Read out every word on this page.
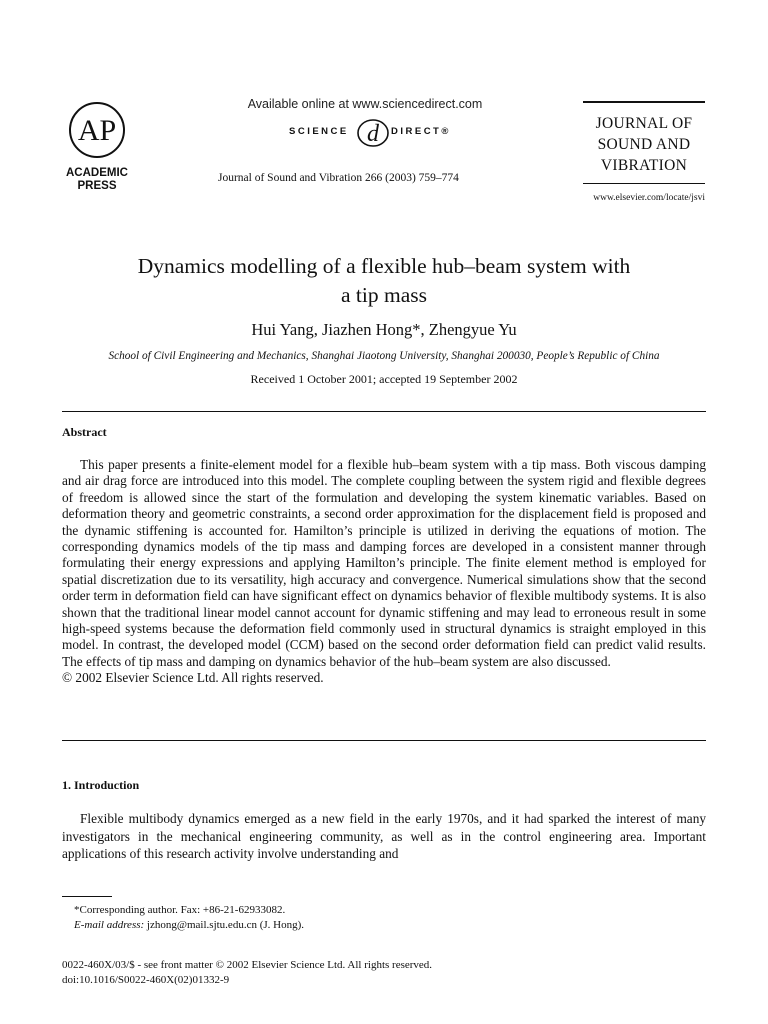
AP
ACADEMIC
PRESS
Available online at www.sciencedirect.com
SCIENCE d DIRECT®
Journal of Sound and Vibration 266 (2003) 759–774
JOURNAL OF
SOUND AND
VIBRATION
www.elsevier.com/locate/jsvi
Dynamics modelling of a flexible hub–beam system with
a tip mass
Hui Yang, Jiazhen Hong*, Zhengyue Yu
School of Civil Engineering and Mechanics, Shanghai Jiaotong University, Shanghai 200030, People’s Republic of China
Received 1 October 2001; accepted 19 September 2002
Abstract

This paper presents a finite-element model for a flexible hub–beam system with a tip mass. Both viscous damping and air drag force are introduced into this model. The complete coupling between the system rigid and flexible degrees of freedom is allowed since the start of the formulation and developing the system kinematic variables. Based on deformation theory and geometric constraints, a second order approximation for the displacement field is proposed and the dynamic stiffening is accounted for. Hamilton’s principle is utilized in deriving the equations of motion. The corresponding dynamics models of the tip mass and damping forces are developed in a consistent manner through formulating their energy expressions and applying Hamilton’s principle. The finite element method is employed for spatial discretization due to its versatility, high accuracy and convergence. Numerical simulations show that the second order term in deformation field can have significant effect on dynamics behavior of flexible multibody systems. It is also shown that the traditional linear model cannot account for dynamic stiffening and may lead to erroneous result in some high-speed systems because the deformation field commonly used in structural dynamics is straight employed in this model. In contrast, the developed model (CCM) based on the second order deformation field can predict valid results. The effects of tip mass and damping on dynamics behavior of the hub–beam system are also discussed.

© 2002 Elsevier Science Ltd. All rights reserved.

1. Introduction

Flexible multibody dynamics emerged as a new field in the early 1970s, and it had sparked the interest of many investigators in the mechanical engineering community, as well as in the control engineering area. Important applications of this research activity involve understanding and

*Corresponding author. Fax: +86-21-62933082.
E-mail address: jzhong@mail.sjtu.edu.cn (J. Hong).
0022-460X/03/$ - see front matter © 2002 Elsevier Science Ltd. All rights reserved.
doi:10.1016/S0022-460X(02)01332-9
